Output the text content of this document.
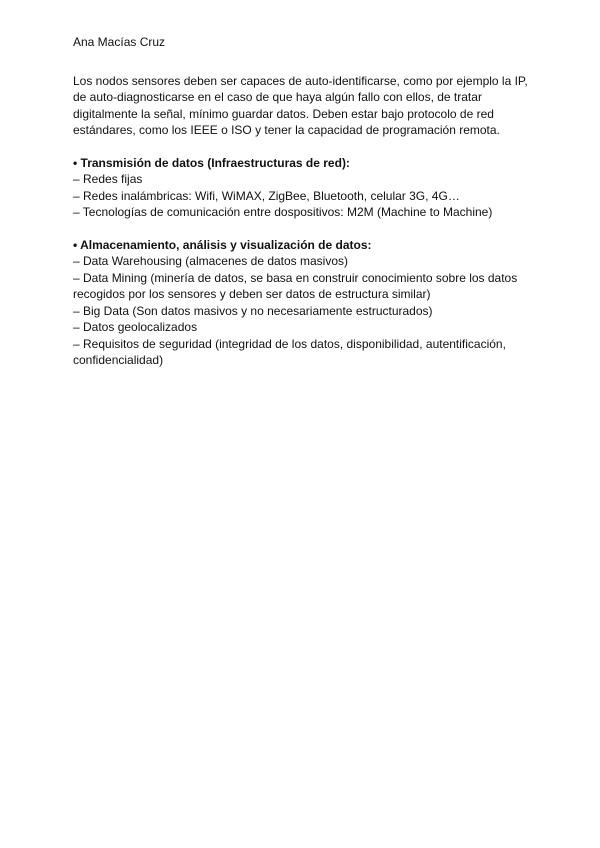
Ana Macías Cruz

Los nodos sensores deben ser capaces de auto-identificarse, como por ejemplo la IP, de auto-diagnosticarse en el caso de que haya algún fallo con ellos, de tratar digitalmente la señal, mínimo guardar datos. Deben estar bajo protocolo de red estándares, como los IEEE o ISO y tener la capacidad de programación remota.

• Transmisión de datos (Infraestructuras de red):

– Redes fijas
– Redes inalámbricas: Wifi, WiMAX, ZigBee, Bluetooth, celular 3G, 4G…
– Tecnologías de comunicación entre dospositivos: M2M (Machine to Machine)

• Almacenamiento, análisis y visualización de datos:

– Data Warehousing (almacenes de datos masivos)
– Data Mining (minería de datos, se basa en construir conocimiento sobre los datos recogidos por los sensores y deben ser datos de estructura similar)
– Big Data (Son datos masivos y no necesariamente estructurados)
– Datos geolocalizados
– Requisitos de seguridad (integridad de los datos, disponibilidad, autentificación, confidencialidad)
